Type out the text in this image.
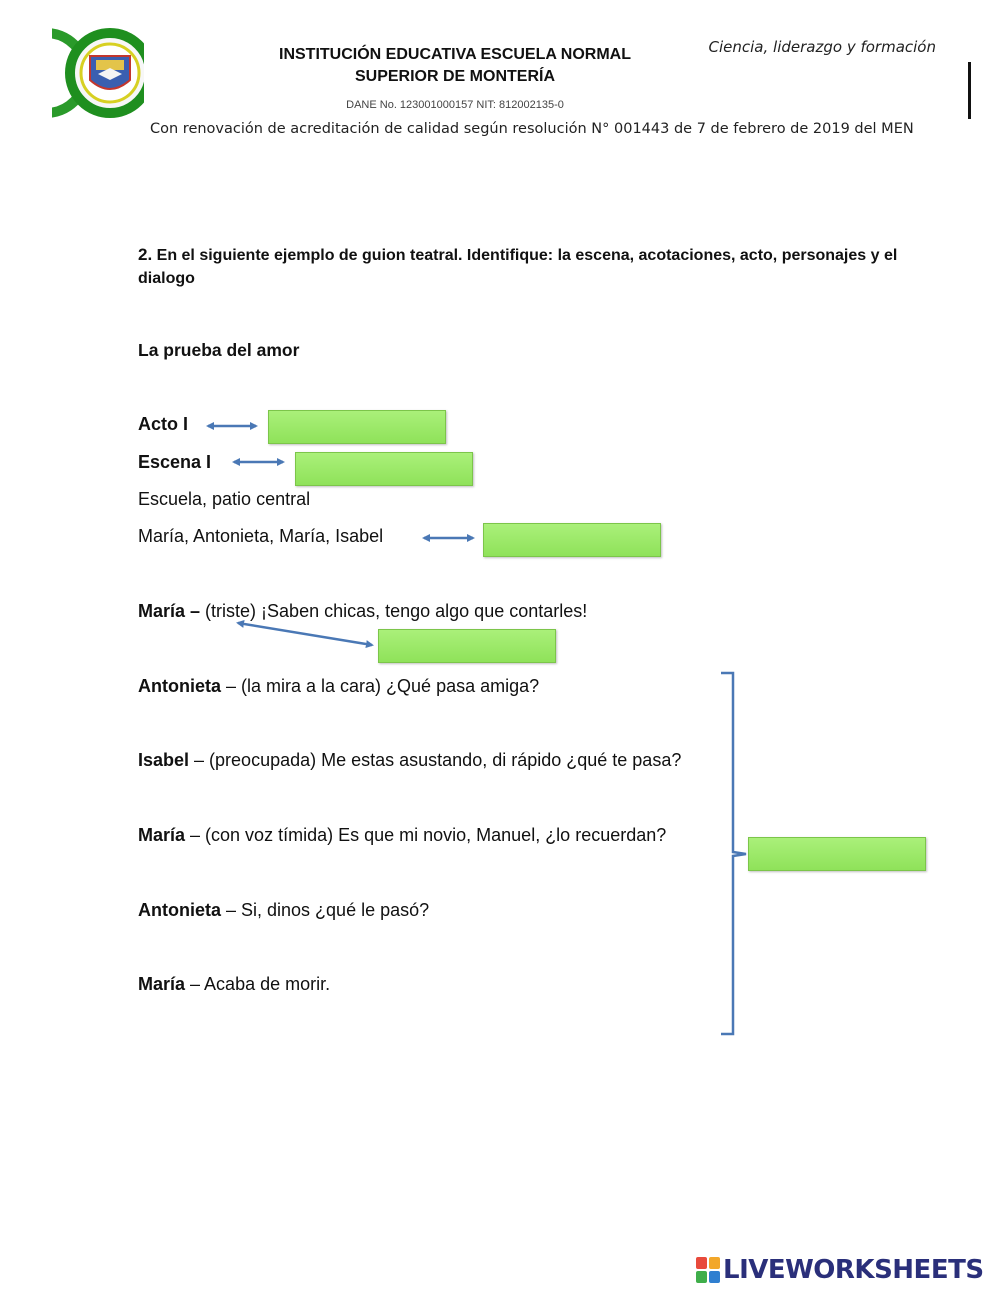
INSTITUCIÓN EDUCATIVA ESCUELA NORMAL
SUPERIOR DE MONTERÍA
DANE No. 123001000157 NIT: 812002135-0
Ciencia, liderazgo y formación
Con renovación de acreditación de calidad según resolución N° 001443 de 7 de febrero de 2019 del MEN
2. En el siguiente ejemplo de guion teatral. Identifique: la escena, acotaciones, acto, personajes y el dialogo
La prueba del amor
Acto I
Escena I
Escuela, patio central
María, Antonieta, María, Isabel
María – (triste) ¡Saben chicas, tengo algo que contarles!
Antonieta – (la mira a la cara) ¿Qué pasa amiga?
Isabel – (preocupada) Me estas asustando, di rápido ¿qué te pasa?
María – (con voz tímida) Es que mi novio, Manuel, ¿lo recuerdan?
Antonieta – Si, dinos ¿qué le pasó?
María – Acaba de morir.
LIVEWORKSHEETS
